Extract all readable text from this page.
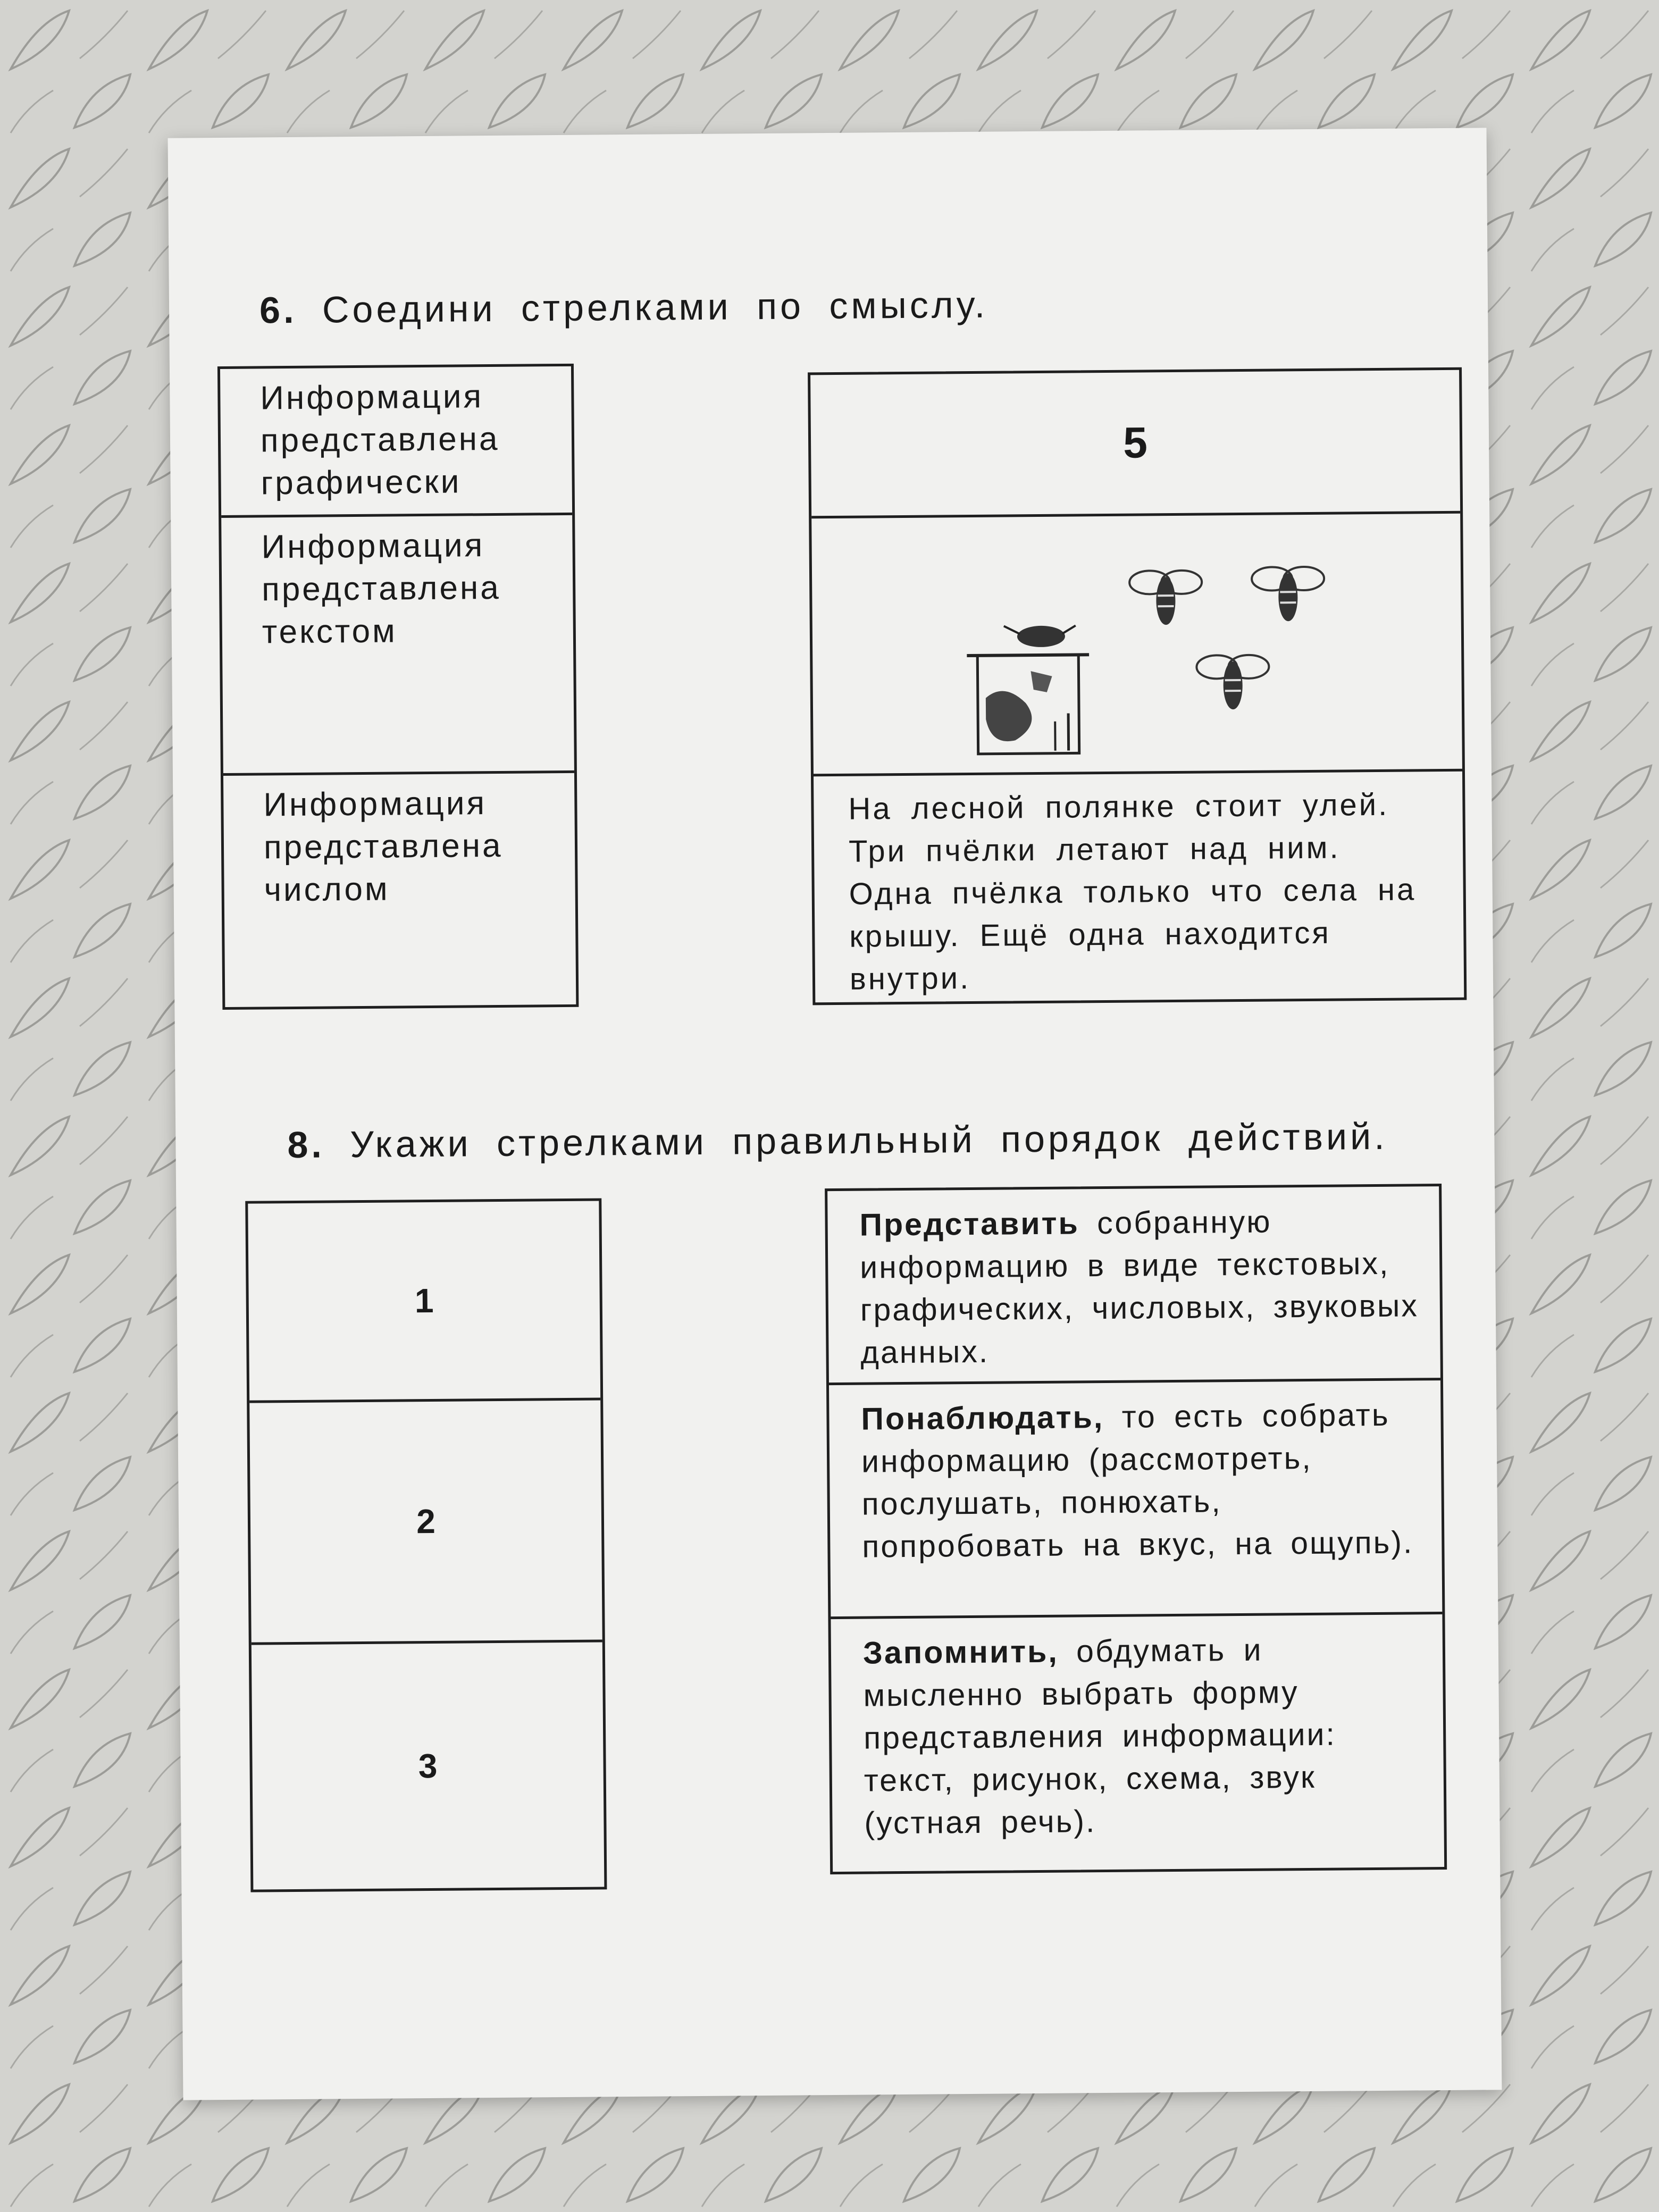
6. Соедини стрелками по смыслу.
Информация представлена графически
Информация представлена текстом
Информация представлена числом
5
На лесной полянке стоит улей. Три пчёлки летают над ним. Одна пчёлка только что села на крышу. Ещё одна находится внутри.
8. Укажи стрелками правильный порядок действий.
1
2
3
Представить собранную информацию в виде текстовых, графических, числовых, звуковых данных.
Понаблюдать, то есть собрать информацию (рассмотреть, послушать, понюхать, попробовать на вкус, на ощупь).
Запомнить, обдумать и мысленно выбрать форму представления информации: текст, рисунок, схема, звук (устная речь).
